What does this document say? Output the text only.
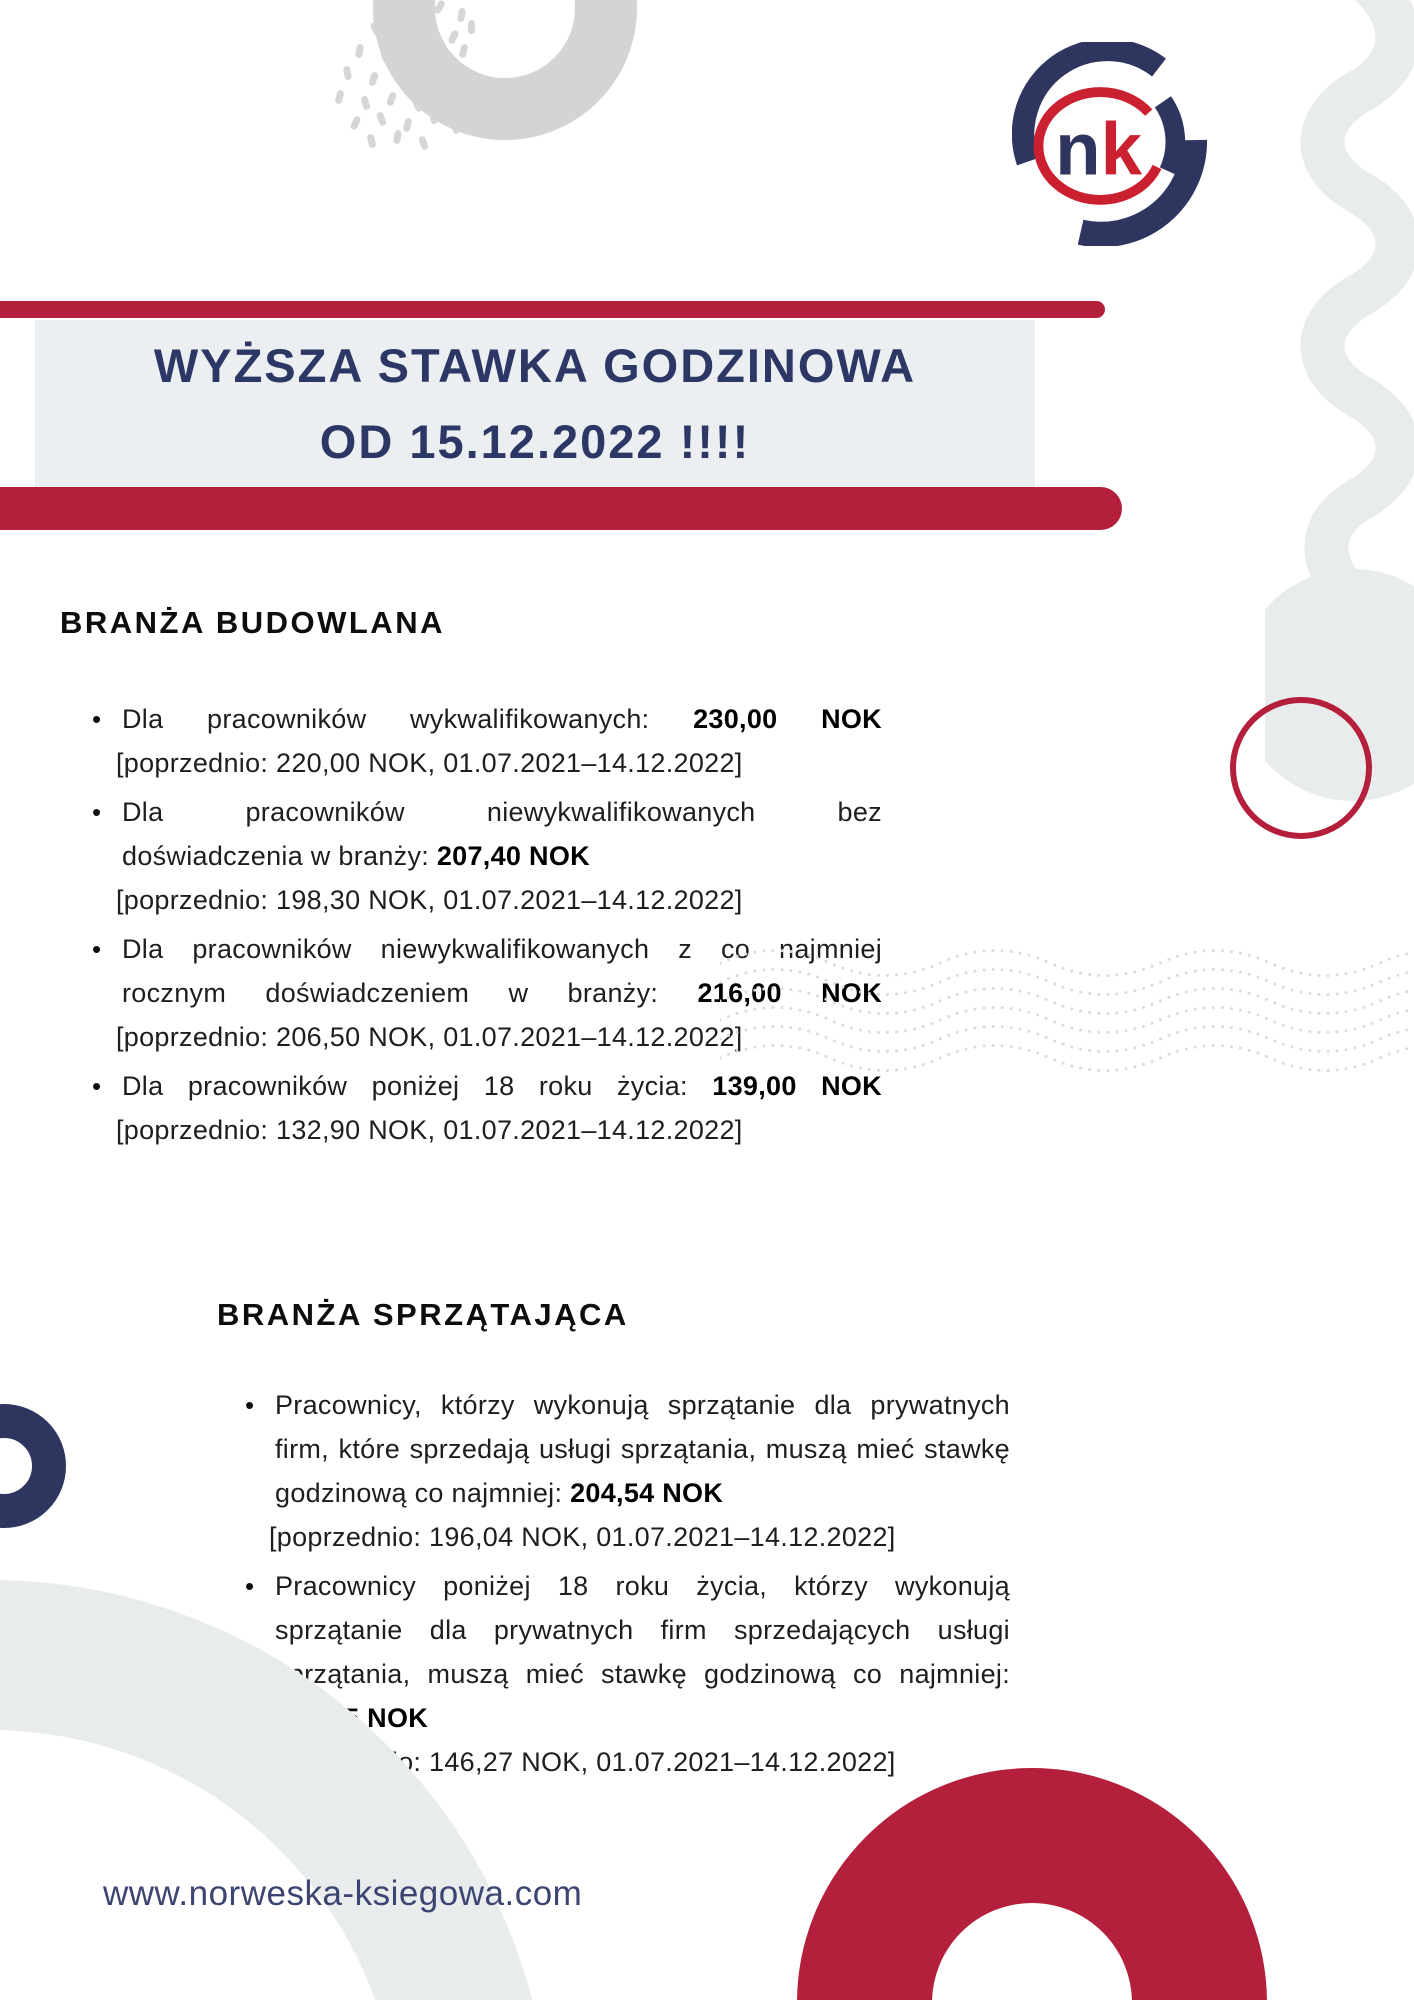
nk
WYŻSZA STAWKA GODZINOWA
OD 15.12.2022 !!!!
BRANŻA BUDOWLANA
• Dla pracowników wykwalifikowanych: 230,00 NOK
[poprzednio: 220,00 NOK, 01.07.2021–14.12.2022]
• Dla pracowników niewykwalifikowanych bez
doświadczenia w branży: 207,40 NOK
[poprzednio: 198,30 NOK, 01.07.2021–14.12.2022]
• Dla pracowników niewykwalifikowanych z co najmniej
rocznym doświadczeniem w branży: 216,00 NOK
[poprzednio: 206,50 NOK, 01.07.2021–14.12.2022]
• Dla pracowników poniżej 18 roku życia: 139,00 NOK
[poprzednio: 132,90 NOK, 01.07.2021–14.12.2022]
BRANŻA SPRZĄTAJĄCA
• Pracownicy, którzy wykonują sprzątanie dla prywatnych
firm, które sprzedają usługi sprzątania, muszą mieć stawkę
godzinową co najmniej: 204,54 NOK
[poprzednio: 196,04 NOK, 01.07.2021–14.12.2022]
• Pracownicy poniżej 18 roku życia, którzy wykonują
sprzątanie dla prywatnych firm sprzedających usługi
sprzątania, muszą mieć stawkę godzinową co najmniej:
153,55 NOK
[poprzednio: 146,27 NOK, 01.07.2021–14.12.2022]
www.norweska-ksiegowa.com
